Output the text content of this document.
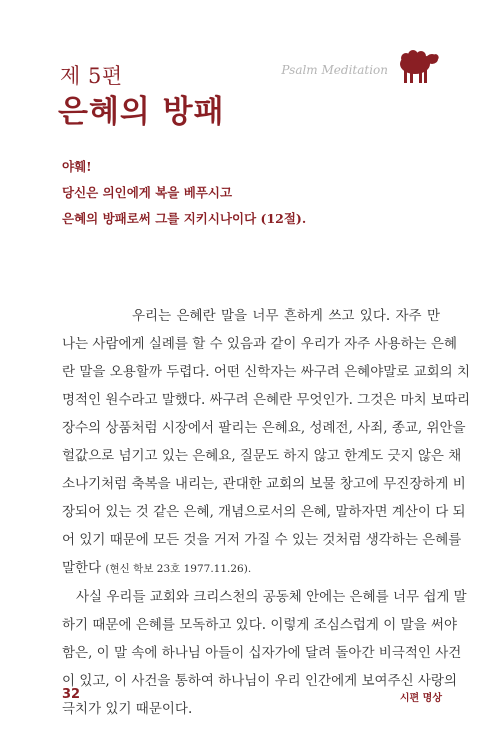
제 5편
은혜의 방패
Psalm Meditation

야훼!

당신은 의인에게 복을 베푸시고

은혜의 방패로써 그를 지키시나이다 (12절).

우리는 은혜란 말을 너무 흔하게 쓰고 있다. 자주 만

나는 사람에게 실례를 할 수 있음과 같이 우리가 자주 사용하는 은혜

란 말을 오용할까 두렵다. 어떤 신학자는 싸구려 은혜야말로 교회의 치

명적인 원수라고 말했다. 싸구려 은혜란 무엇인가. 그것은 마치 보따리

장수의 상품처럼 시장에서 팔리는 은혜요, 성례전, 사죄, 종교, 위안을

헐값으로 넘기고 있는 은혜요, 질문도 하지 않고 한계도 긋지 않은 채

소나기처럼 축복을 내리는, 관대한 교회의 보물 창고에 무진장하게 비

장되어 있는 것 같은 은혜, 개념으로서의 은혜, 말하자면 계산이 다 되

어 있기 때문에 모든 것을 거저 가질 수 있는 것처럼 생각하는 은혜를

말한다 (현신 학보 23호 1977.11.26).

사실 우리들 교회와 크리스천의 공동체 안에는 은혜를 너무 쉽게 말

하기 때문에 은혜를 모독하고 있다. 이렇게 조심스럽게 이 말을 써야

함은, 이 말 속에 하나님 아들이 십자가에 달려 돌아간 비극적인 사건

이 있고, 이 사건을 통하여 하나님이 우리 인간에게 보여주신 사랑의

극치가 있기 때문이다.

32	시편 명상
